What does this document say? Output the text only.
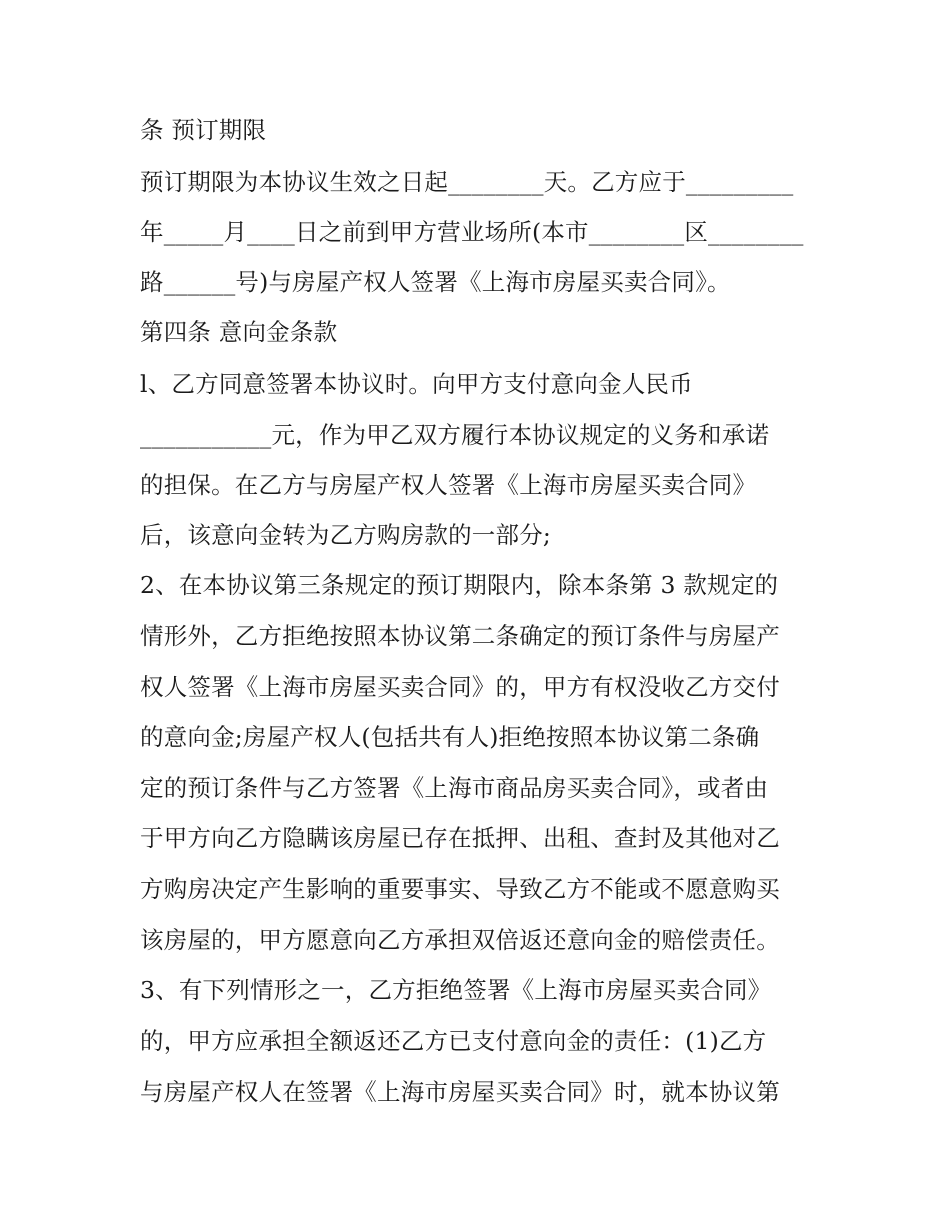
条 预订期限
预订期限为本协议生效之日起________天。乙方应于_________
年_____月____日之前到甲方营业场所(本市________区________
路______号)与房屋产权人签署《上海市房屋买卖合同》。
第四条 意向金条款
l、乙方同意签署本协议时。向甲方支付意向金人民币
___________元，作为甲乙双方履行本协议规定的义务和承诺
的担保。在乙方与房屋产权人签署《上海市房屋买卖合同》
后，该意向金转为乙方购房款的一部分;
2、在本协议第三条规定的预订期限内，除本条第 3 款规定的
情形外，乙方拒绝按照本协议第二条确定的预订条件与房屋产
权人签署《上海市房屋买卖合同》的，甲方有权没收乙方交付
的意向金;房屋产权人(包括共有人)拒绝按照本协议第二条确
定的预订条件与乙方签署《上海市商品房买卖合同》，或者由
于甲方向乙方隐瞒该房屋已存在抵押、出租、查封及其他对乙
方购房决定产生影响的重要事实、导致乙方不能或不愿意购买
该房屋的，甲方愿意向乙方承担双倍返还意向金的赔偿责任。
3、有下列情形之一，乙方拒绝签署《上海市房屋买卖合同》
的，甲方应承担全额返还乙方已支付意向金的责任：(1)乙方
与房屋产权人在签署《上海市房屋买卖合同》时，就本协议第
